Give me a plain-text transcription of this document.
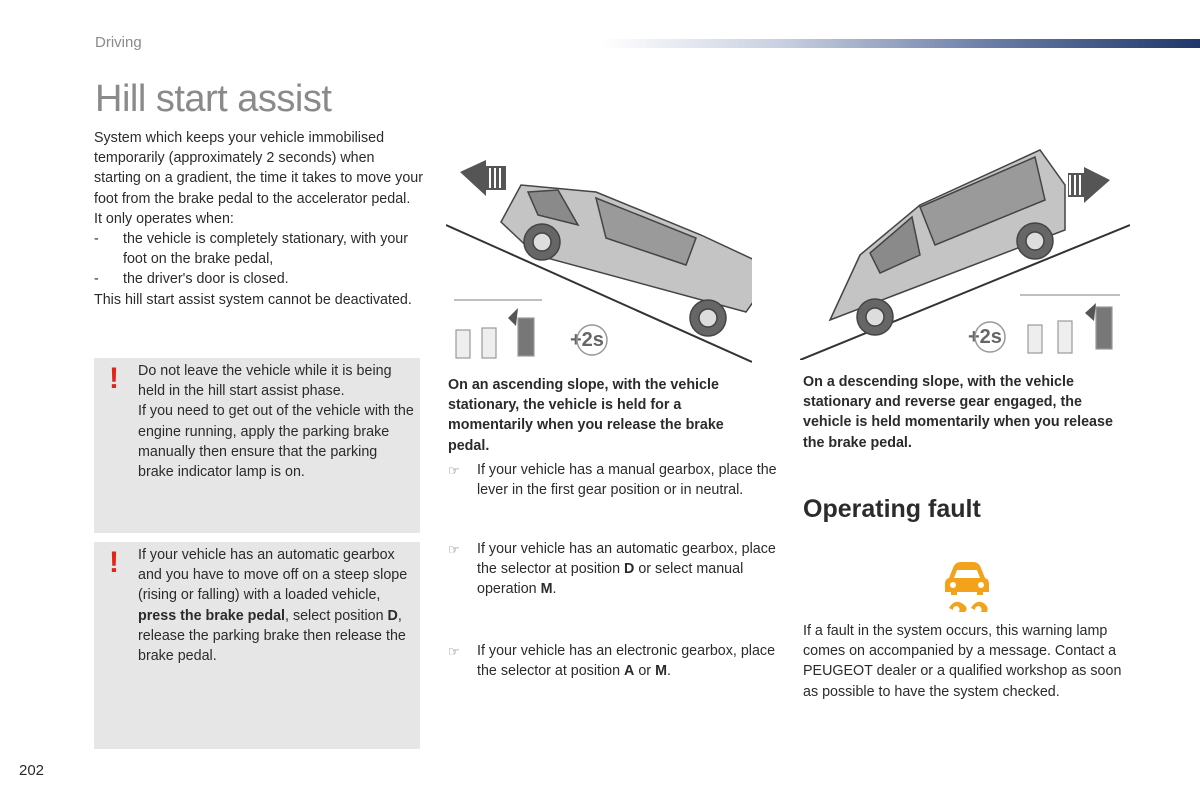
Driving
Hill start assist
System which keeps your vehicle immobilised temporarily (approximately 2 seconds) when starting on a gradient, the time it takes to move your foot from the brake pedal to the accelerator pedal.
It only operates when:
- the vehicle is completely stationary, with your foot on the brake pedal,
- the driver's door is closed.
This hill start assist system cannot be deactivated.
! Do not leave the vehicle while it is being held in the hill start assist phase.
If you need to get out of the vehicle with the engine running, apply the parking brake manually then ensure that the parking brake indicator lamp is on.
! If your vehicle has an automatic gearbox and you have to move off on a steep slope (rising or falling) with a loaded vehicle, press the brake pedal, select position D, release the parking brake then release the brake pedal.
+2s	+2s
On an ascending slope, with the vehicle stationary, the vehicle is held for a momentarily when you release the brake pedal.
On a descending slope, with the vehicle stationary and reverse gear engaged, the vehicle is held momentarily when you release the brake pedal.
☞ If your vehicle has a manual gearbox, place the lever in the first gear position or in neutral.
☞ If your vehicle has an automatic gearbox, place the selector at position D or select manual operation M.
☞ If your vehicle has an electronic gearbox, place the selector at position A or M.
Operating fault
If a fault in the system occurs, this warning lamp comes on accompanied by a message. Contact a PEUGEOT dealer or a qualified workshop as soon as possible to have the system checked.
202
